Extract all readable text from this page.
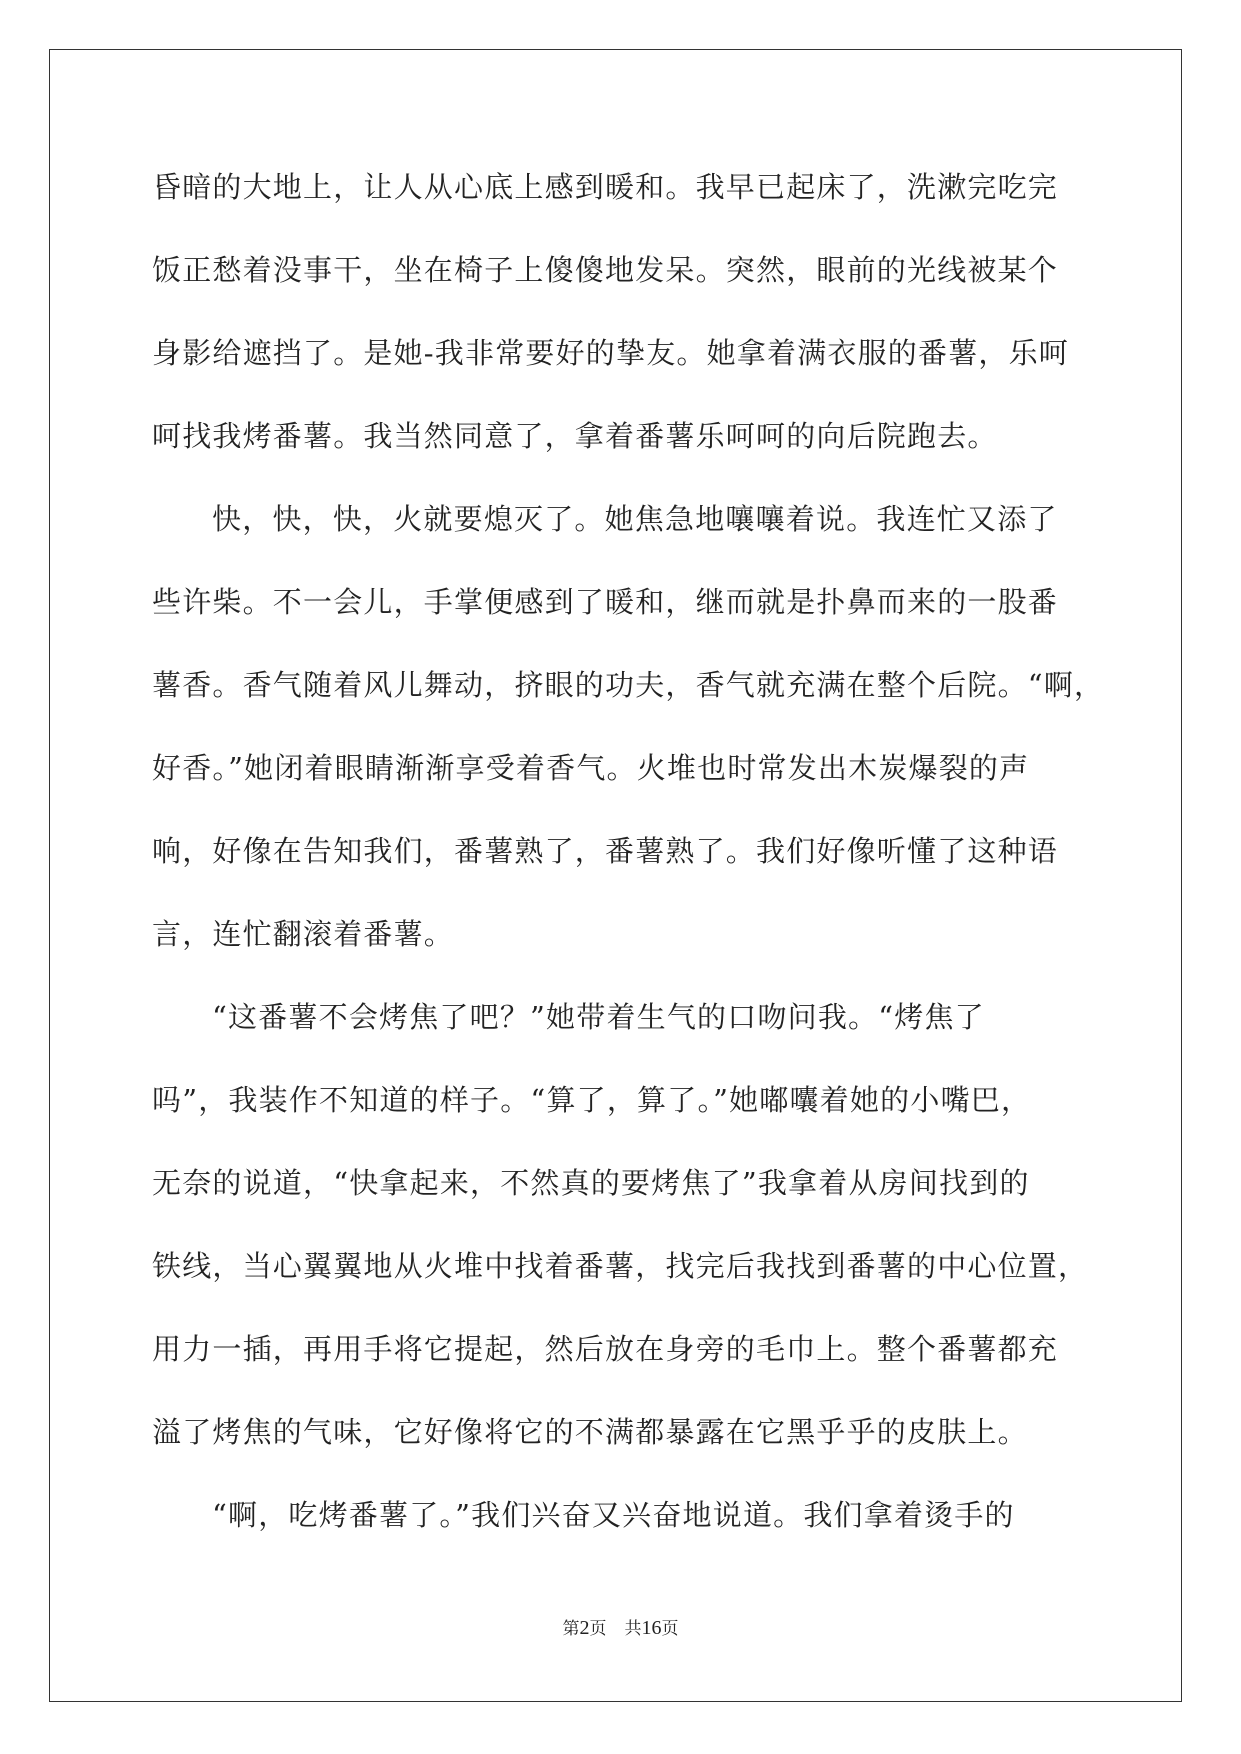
昏暗的大地上，让人从心底上感到暖和。我早已起床了，洗漱完吃完
饭正愁着没事干，坐在椅子上傻傻地发呆。突然，眼前的光线被某个
身影给遮挡了。是她-我非常要好的挚友。她拿着满衣服的番薯，乐呵
呵找我烤番薯。我当然同意了，拿着番薯乐呵呵的向后院跑去。
快，快，快，火就要熄灭了。她焦急地嚷嚷着说。我连忙又添了
些许柴。不一会儿，手掌便感到了暖和，继而就是扑鼻而来的一股番
薯香。香气随着风儿舞动，挤眼的功夫，香气就充满在整个后院。“啊，
好香。”她闭着眼睛渐渐享受着香气。火堆也时常发出木炭爆裂的声
响，好像在告知我们，番薯熟了，番薯熟了。我们好像听懂了这种语
言，连忙翻滚着番薯。
“这番薯不会烤焦了吧？”她带着生气的口吻问我。“烤焦了
吗”，我装作不知道的样子。“算了，算了。”她嘟囔着她的小嘴巴，
无奈的说道，“快拿起来，不然真的要烤焦了”我拿着从房间找到的
铁线，当心翼翼地从火堆中找着番薯，找完后我找到番薯的中心位置，
用力一插，再用手将它提起，然后放在身旁的毛巾上。整个番薯都充
溢了烤焦的气味，它好像将它的不满都暴露在它黑乎乎的皮肤上。
“啊，吃烤番薯了。”我们兴奋又兴奋地说道。我们拿着烫手的
第2页 共16页
